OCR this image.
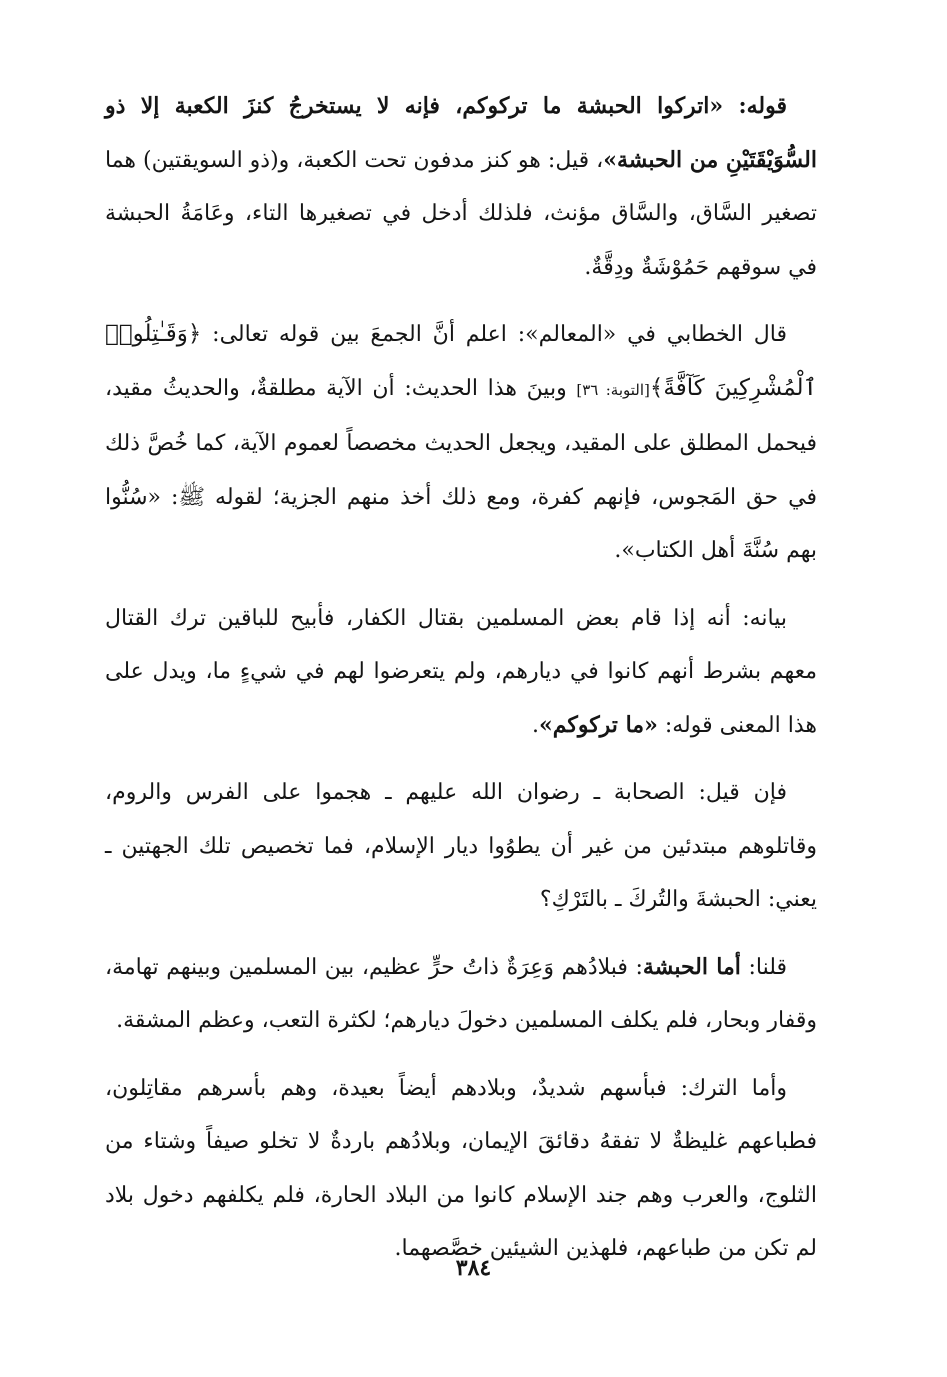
قوله: «اتركوا الحبشة ما تركوكم، فإنه لا يستخرجُ كنزَ الكعبة إلا ذو السُّوَيْقَتَيْنِ من الحبشة»، قيل: هو كنز مدفون تحت الكعبة، و(ذو السويقتين) هما تصغير السَّاق، والسَّاق مؤنث، فلذلك أدخل في تصغيرها التاء، وعَامَةُ الحبشة في سوقهم حَمُوْشَةٌ ودِقَّةٌ.

قال الخطابي في «المعالم»: اعلم أنَّ الجمعَ بين قوله تعالى: ﴿وَقَـٰتِلُوا۟ ٱلْمُشْرِكِينَ كَآفَّةً﴾[التوبة: ٣٦] وبينَ هذا الحديث: أن الآية مطلقةٌ، والحديثُ مقيد، فيحمل المطلق على المقيد، ويجعل الحديث مخصصاً لعموم الآية، كما خُصَّ ذلك في حق المَجوس، فإنهم كفرة، ومع ذلك أخذ منهم الجزية؛ لقوله ﷺ: «سُنُّوا بهم سُنَّةَ أهل الكتاب».

بيانه: أنه إذا قام بعض المسلمين بقتال الكفار، فأبيح للباقين ترك القتال معهم بشرط أنهم كانوا في ديارهم، ولم يتعرضوا لهم في شيءٍ ما، ويدل على هذا المعنى قوله: «ما تركوكم».

فإن قيل: الصحابة ـ رضوان الله عليهم ـ هجموا على الفرس والروم، وقاتلوهم مبتدئين من غير أن يطوُوا ديار الإسلام، فما تخصيص تلك الجهتين ـ يعني: الحبشةَ والتُركَ ـ بالتَرْكِ؟

قلنا: أما الحبشة: فبلادُهم وَعِرَةٌ ذاتُ حرٍّ عظيم، بين المسلمين وبينهم تهامة، وقفار وبحار، فلم يكلف المسلمين دخولَ ديارهم؛ لكثرة التعب، وعظم المشقة.

وأما الترك: فبأسهم شديدٌ، وبلادهم أيضاً بعيدة، وهم بأسرهم مقاتِلون، فطباعهم غليظةٌ لا تفقهُ دقائقَ الإيمان، وبلادُهم باردةٌ لا تخلو صيفاً وشتاء من الثلوج، والعرب وهم جند الإسلام كانوا من البلاد الحارة، فلم يكلفهم دخول بلاد لم تكن من طباعهم، فلهذين الشيئين خصَّصهما.

٣٨٤
